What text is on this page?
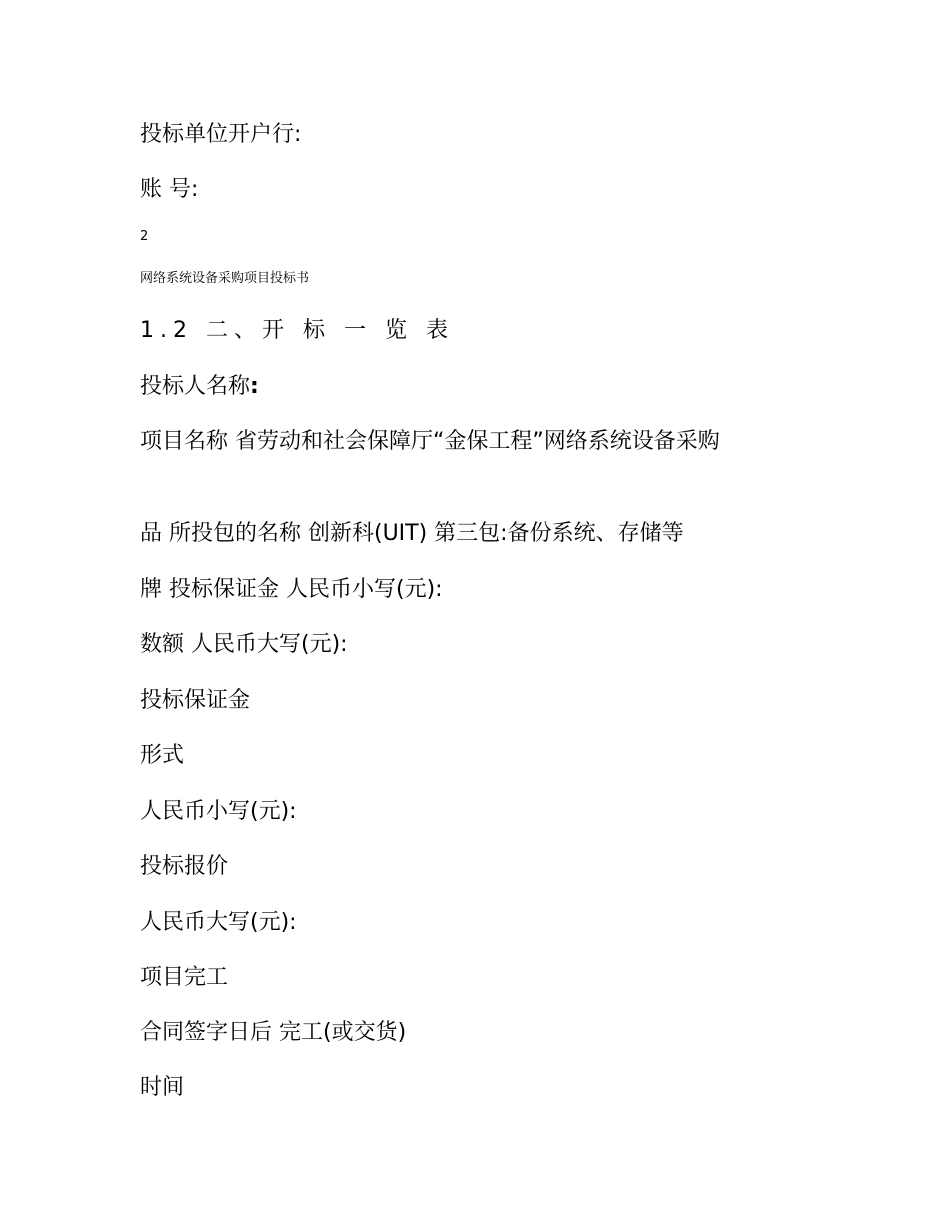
投标单位开户行:
账 号:
2
网络系统设备采购项目投标书
1.2 二、开 标 一 览 表
投标人名称:
项目名称 省劳动和社会保障厅“金保工程”网络系统设备采购
品 所投包的名称 创新科(UIT) 第三包:备份系统、存储等
牌 投标保证金 人民币小写(元):
数额 人民币大写(元):
投标保证金
形式
人民币小写(元):
投标报价
人民币大写(元):
项目完工
合同签字日后 完工(或交货)
时间
